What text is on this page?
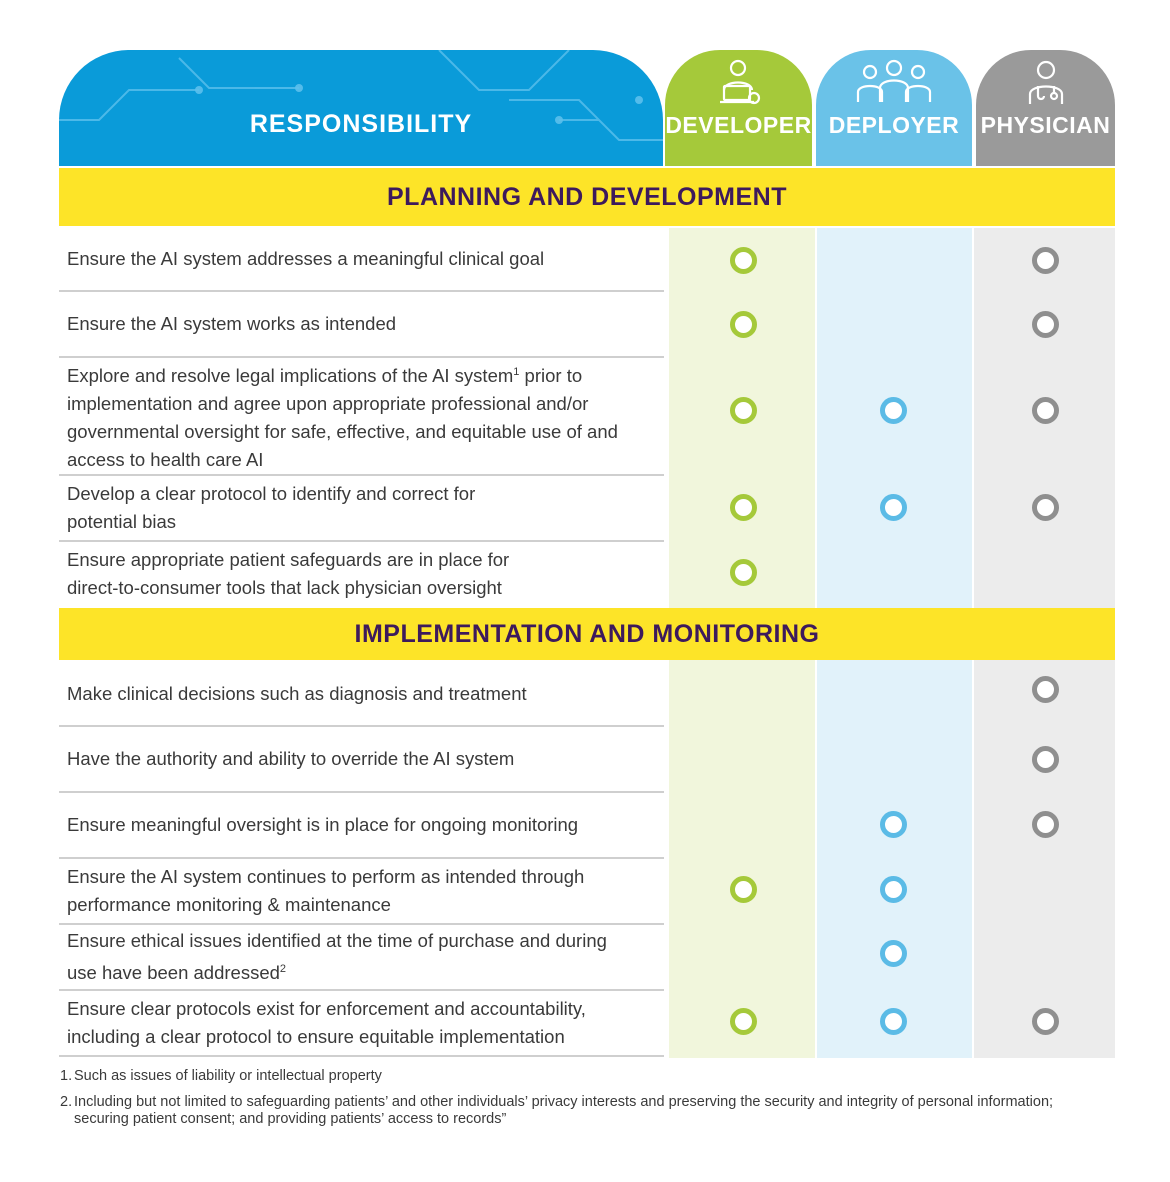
RESPONSIBILITY	DEVELOPER DEPLOYER PHYSICIAN
PLANNING AND DEVELOPMENT
IMPLEMENTATION AND MONITORING
Ensure the AI system addresses a meaningful clinical goal
Ensure the AI system works as intended
Explore and resolve legal implications of the AI system$^1$ prior to implementation and agree upon appropriate professional and/or governmental oversight for safe, effective, and equitable use of and access to health care AI
Develop a clear protocol to identify and correct for potential bias
Ensure appropriate patient safeguards are in place for direct-to-consumer tools that lack physician oversight
Make clinical decisions such as diagnosis and treatment
Have the authority and ability to override the AI system
Ensure meaningful oversight is in place for ongoing monitoring
Ensure the AI system continues to perform as intended through performance monitoring & maintenance
Ensure ethical issues identified at the time of purchase and during use have been addressed$^2$
Ensure clear protocols exist for enforcement and accountability, including a clear protocol to ensure equitable implementation
1. Such as issues of liability or intellectual property
2. Including but not limited to safeguarding patients’ and other individuals’ privacy interests and preserving the security and integrity of personal information; securing patient consent; and providing patients’ access to records”
